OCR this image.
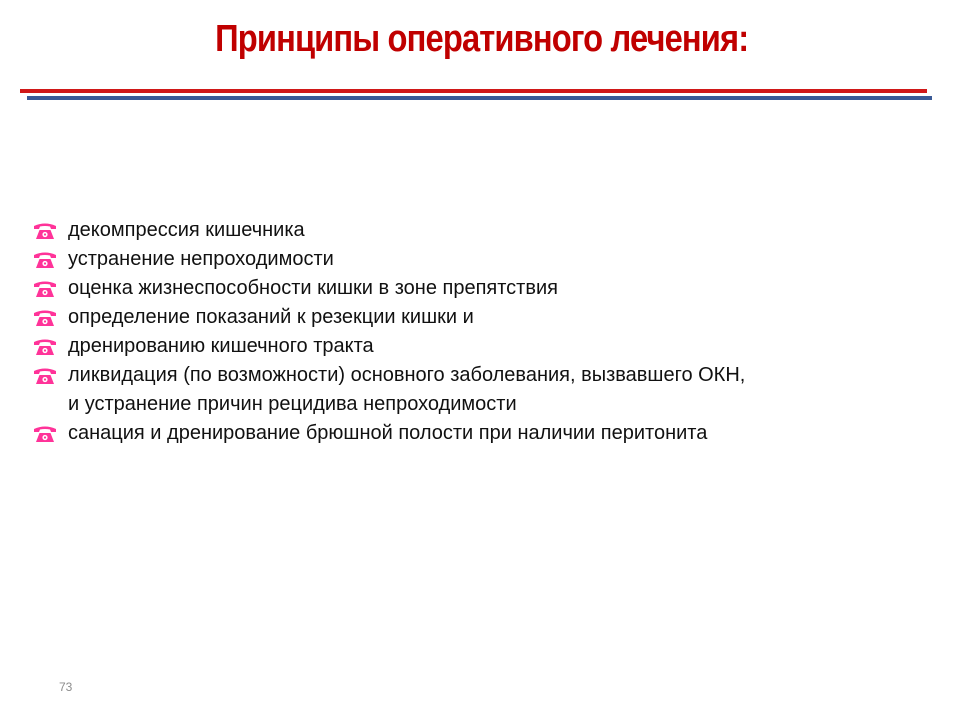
Принципы оперативного лечения:
декомпрессия кишечника
устранение непроходимости
оценка жизнеспособности кишки в зоне препятствия
определение показаний к резекции кишки и
дренированию кишечного тракта
ликвидация (по возможности) основного заболевания, вызвавшего ОКН, и устранение причин рецидива непроходимости
санация и дренирование брюшной полости при наличии перитонита
73
